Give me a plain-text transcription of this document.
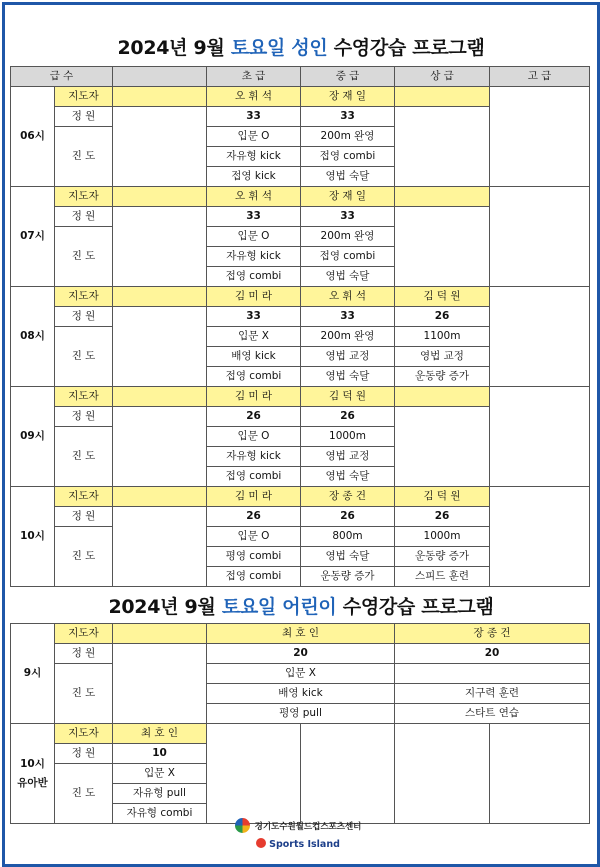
2024년 9월 토요일 성인 수영강습 프로그램
2024년 9월 토요일 어린이 수영강습 프로그램
급 수			초 급	중 급	상 급	고 급
06시	지도자		오 휘 석	장 재 일		
	정 원		33	33		
	진 도		입문 O	200m 완영		
			자유형 kick	접영 combi		
			접영 kick	영법 숙달		
07시	지도자		오 휘 석	장 재 일		
	정 원		33	33		
	진 도		입문 O	200m 완영		
			자유형 kick	접영 combi		
			접영 combi	영법 숙달		
08시	지도자		김 미 라	오 휘 석	김 덕 원	
	정 원		33	33	26	
	진 도		입문 X	200m 완영	1100m	
			배영 kick	영법 교정	영법 교정	
			접영 combi	영법 숙달	운동량 증가	
09시	지도자		김 미 라	김 덕 원		
	정 원		26	26		
	진 도		입문 O	1000m		
			자유형 kick	영법 교정		
			접영 combi	영법 숙달		
10시	지도자		김 미 라	장 종 건	김 덕 원	
	정 원		26	26	26	
	진 도		입문 O	800m	1000m	
			평영 combi	영법 숙달	운동량 증가	
			접영 combi	운동량 증가	스피드 훈련	
9시	지도자		최 호 인		장 종 건	
	정 원		20		20	
	진 도		입문 X			
			배영 kick		지구력 훈련	
			평영 pull		스타트 연습	

10시
유아반	지도자	최 호 인				
	정 원	10				
	진 도	입문 X				
		자유형 pull				
		자유형 combi				
경기도수원월드컵스포츠센터
Sports Island
